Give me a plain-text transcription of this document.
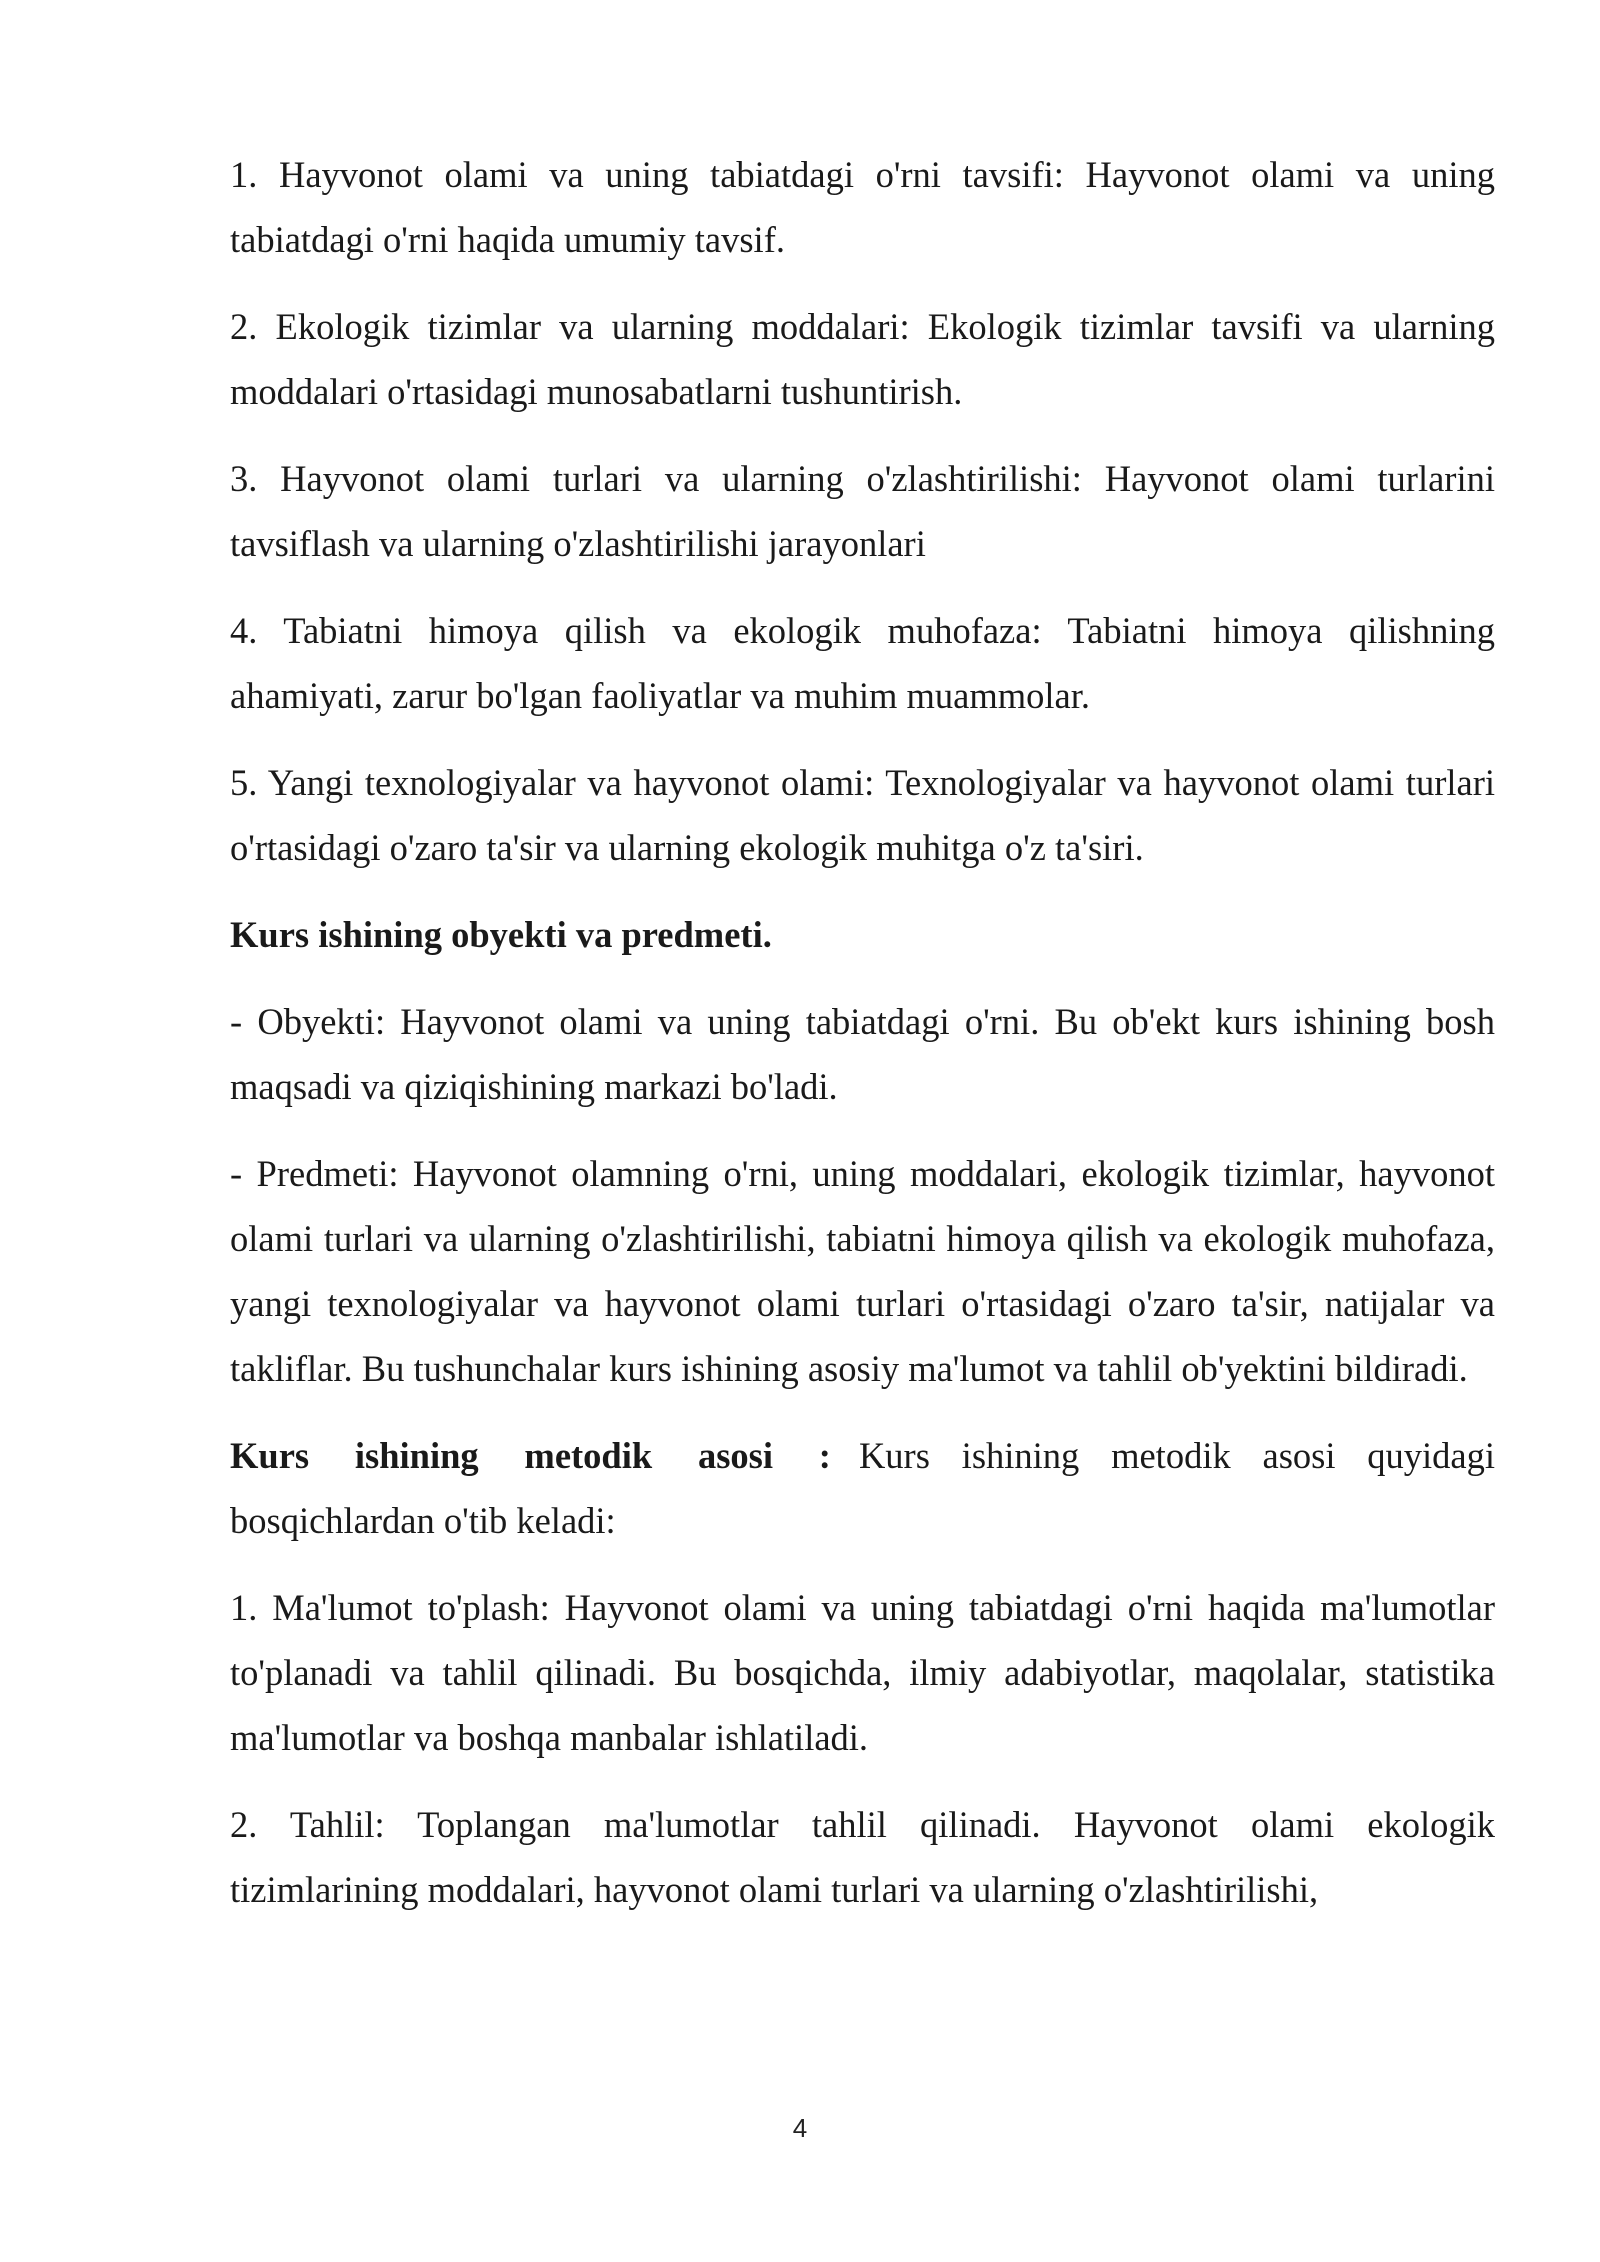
1. Hayvonot olami va uning tabiatdagi o'rni tavsifi: Hayvonot olami va uning tabiatdagi o'rni haqida umumiy tavsif.

2. Ekologik tizimlar va ularning moddalari: Ekologik tizimlar tavsifi va ularning moddalari o'rtasidagi munosabatlarni tushuntirish.

3. Hayvonot olami turlari va ularning o'zlashtirilishi: Hayvonot olami turlarini tavsiflash va ularning o'zlashtirilishi jarayonlari

4. Tabiatni himoya qilish va ekologik muhofaza: Tabiatni himoya qilishning ahamiyati, zarur bo'lgan faoliyatlar va muhim muammolar.

5. Yangi texnologiyalar va hayvonot olami: Texnologiyalar va hayvonot olami turlari o'rtasidagi o'zaro ta'sir va ularning ekologik muhitga o'z ta'siri.

Kurs ishining obyekti va predmeti.

- Obyekti: Hayvonot olami va uning tabiatdagi o'rni. Bu ob'ekt kurs ishining bosh maqsadi va qiziqishining markazi bo'ladi.

- Predmeti: Hayvonot olamning o'rni, uning moddalari, ekologik tizimlar, hayvonot olami turlari va ularning o'zlashtirilishi, tabiatni himoya qilish va ekologik muhofaza, yangi texnologiyalar va hayvonot olami turlari o'rtasidagi o'zaro ta'sir, natijalar va takliflar. Bu tushunchalar kurs ishining asosiy ma'lumot va tahlil ob'yektini bildiradi.

Kurs ishining metodik asosi : Kurs ishining metodik asosi quyidagi bosqichlardan o'tib keladi:

1. Ma'lumot to'plash: Hayvonot olami va uning tabiatdagi o'rni haqida ma'lumotlar to'planadi va tahlil qilinadi. Bu bosqichda, ilmiy adabiyotlar, maqolalar, statistika ma'lumotlar va boshqa manbalar ishlatiladi.

2. Tahlil: Toplangan ma'lumotlar tahlil qilinadi. Hayvonot olami ekologik tizimlarining moddalari, hayvonot olami turlari va ularning o'zlashtirilishi,

4
